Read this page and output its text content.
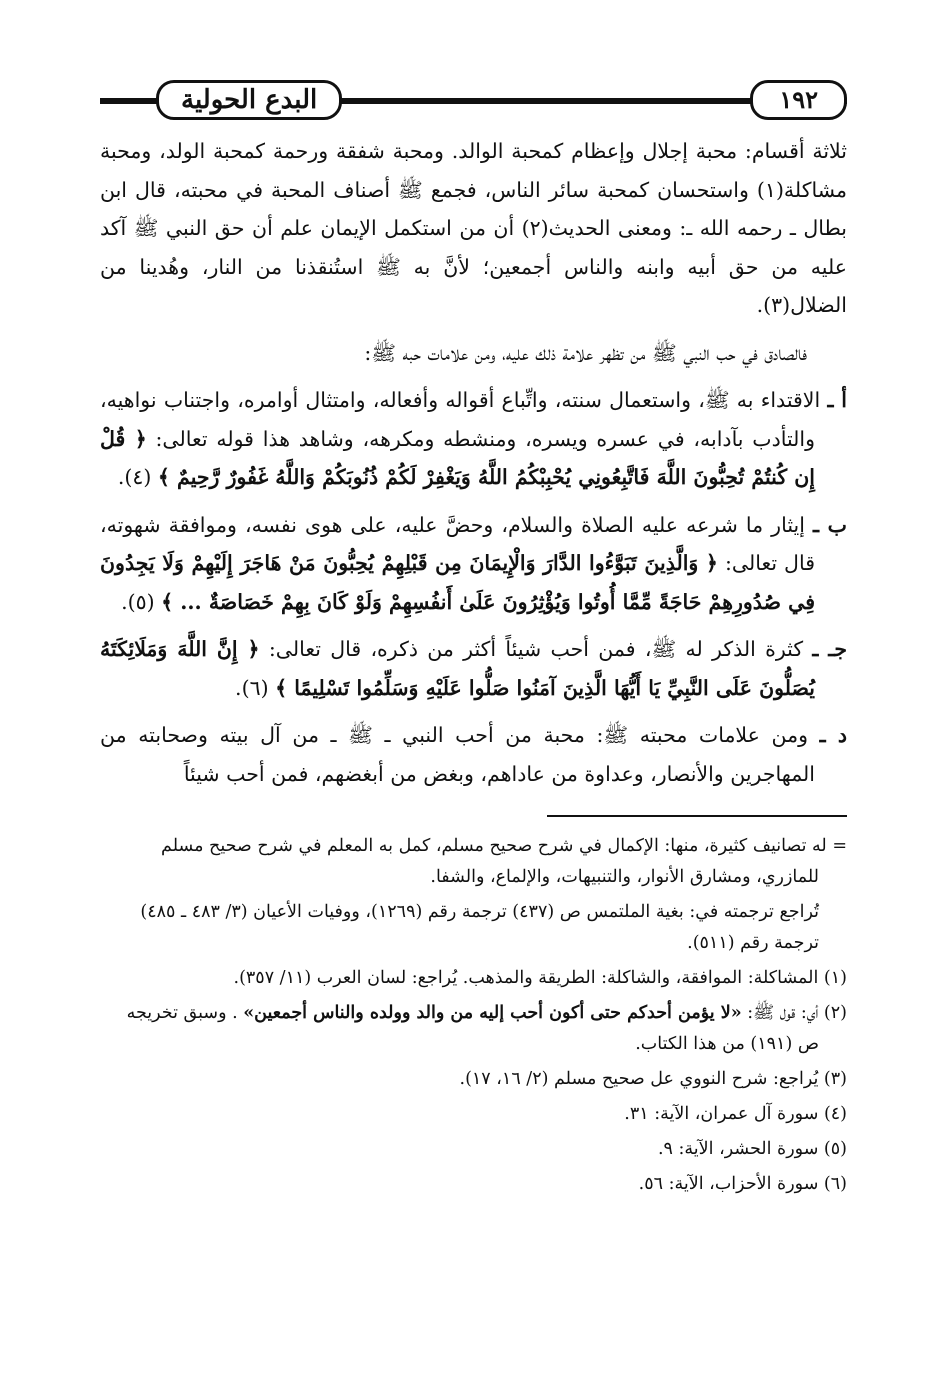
١٩٢
البدع الحولية

ثلاثة أقسام: محبة إجلال وإعظام كمحبة الوالد. ومحبة شفقة ورحمة كمحبة الولد، ومحبة مشاكلة(١) واستحسان كمحبة سائر الناس، فجمع ﷺ أصناف المحبة في محبته، قال ابن بطال ـ رحمه الله ـ: ومعنى الحديث(٢) أن من استكمل الإيمان علم أن حق النبي ﷺ آكد عليه من حق أبيه وابنه والناس أجمعين؛ لأنَّ به ﷺ استُنقذنا من النار، وهُدينا من الضلال(٣).

فالصادق في حب النبي ﷺ من تظهر علامة ذلك عليه، ومن علامات حبه ﷺ:

أ ـ الاقتداء به ﷺ، واستعمال سنته، واتِّباع أقواله وأفعاله، وامتثال أوامره، واجتناب نواهيه، والتأدب بآدابه، في عسره ويسره، ومنشطه ومكرهه، وشاهد هذا قوله تعالى: ﴿ قُلْ إِن كُنتُمْ تُحِبُّونَ اللَّهَ فَاتَّبِعُونِي يُحْبِبْكُمُ اللَّهُ وَيَغْفِرْ لَكُمْ ذُنُوبَكُمْ وَاللَّهُ غَفُورٌ رَّحِيمٌ ﴾ (٤).

ب ـ إيثار ما شرعه عليه الصلاة والسلام، وحضَّ عليه، على هوى نفسه، وموافقة شهوته، قال تعالى: ﴿ وَالَّذِينَ تَبَوَّءُوا الدَّارَ وَالْإِيمَانَ مِن قَبْلِهِمْ يُحِبُّونَ مَنْ هَاجَرَ إِلَيْهِمْ وَلَا يَجِدُونَ فِي صُدُورِهِمْ حَاجَةً مِّمَّا أُوتُوا وَيُؤْثِرُونَ عَلَىٰ أَنفُسِهِمْ وَلَوْ كَانَ بِهِمْ خَصَاصَةٌ ... ﴾ (٥).

جـ ـ كثرة الذكر له ﷺ، فمن أحب شيئاً أكثر من ذكره، قال تعالى: ﴿ إِنَّ اللَّهَ وَمَلَائِكَتَهُ يُصَلُّونَ عَلَى النَّبِيِّ يَا أَيُّهَا الَّذِينَ آمَنُوا صَلُّوا عَلَيْهِ وَسَلِّمُوا تَسْلِيمًا ﴾ (٦).

د ـ ومن علامات محبته ﷺ: محبة من أحب النبي ـ ﷺ ـ من آل بيته وصحابته من المهاجرين والأنصار، وعداوة من عاداهم، وبغض من أبغضهم، فمن أحب شيئاً

= له تصانيف كثيرة، منها: الإكمال في شرح صحيح مسلم، كمل به المعلم في شرح صحيح مسلم للمازري، ومشارق الأنوار، والتنبيهات، والإلماع، والشفا.

تُراجع ترجمته في: بغية الملتمس ص (٤٣٧) ترجمة رقم (١٢٦٩)، ووفيات الأعيان (٣/ ٤٨٣ ـ ٤٨٥) ترجمة رقم (٥١١).

(١) المشاكلة: الموافقة، والشاكلة: الطريقة والمذهب. يُراجع: لسان العرب (١١/ ٣٥٧).

(٢) أي: قول ﷺ: «لا يؤمن أحدكم حتى أكون أحب إليه من والد وولده والناس أجمعين» . وسبق تخريجه ص (١٩١) من هذا الكتاب.

(٣) يُراجع: شرح النووي عل صحيح مسلم (٢/ ١٦، ١٧).

(٤) سورة آل عمران، الآية: ٣١.

(٥) سورة الحشر، الآية: ٩.

(٦) سورة الأحزاب، الآية: ٥٦.
